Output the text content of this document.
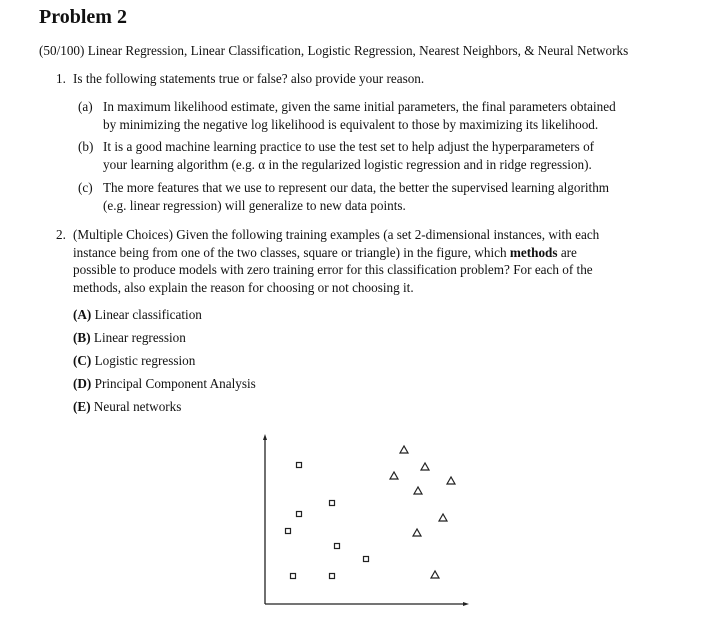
Problem 2
(50/100) Linear Regression, Linear Classification, Logistic Regression, Nearest Neighbors, & Neural Networks
1. Is the following statements true or false? also provide your reason.
(a) In maximum likelihood estimate, given the same initial parameters, the final parameters obtained
by minimizing the negative log likelihood is equivalent to those by maximizing its likelihood.
(b) It is a good machine learning practice to use the test set to help adjust the hyperparameters of
your learning algorithm (e.g. α in the regularized logistic regression and in ridge regression).
(c) The more features that we use to represent our data, the better the supervised learning algorithm
(e.g. linear regression) will generalize to new data points.
2. (Multiple Choices) Given the following training examples (a set 2-dimensional instances, with each
instance being from one of the two classes, square or triangle) in the figure, which methods are
possible to produce models with zero training error for this classification problem? For each of the
methods, also explain the reason for choosing or not choosing it.
(A) Linear classification
(B) Linear regression
(C) Logistic regression
(D) Principal Component Analysis
(E) Neural networks
